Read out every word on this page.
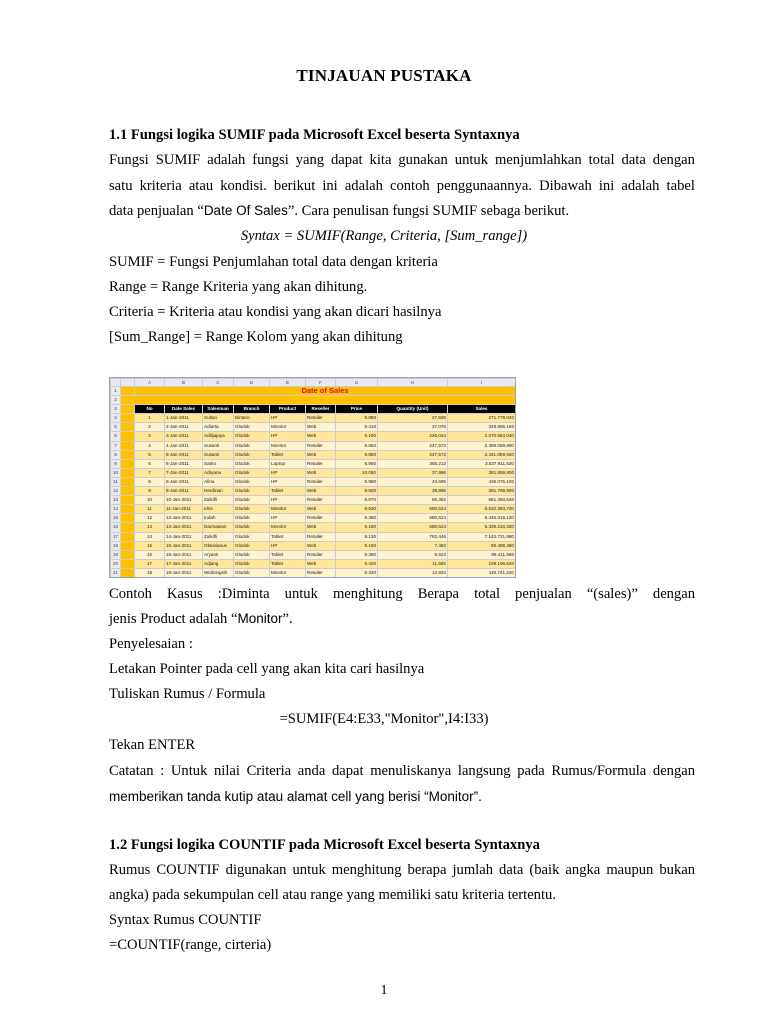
TINJAUAN PUSTAKA
1.1 Fungsi logika SUMIF pada Microsoft Excel beserta Syntaxnya
Fungsi SUMIF adalah fungsi yang dapat kita gunakan untuk menjumlahkan total data dengan
satu kriteria atau kondisi. berikut ini adalah contoh penggunaannya. Dibawah ini adalah tabel
data penjualan “Date Of Sales”. Cara penulisan fungsi SUMIF sebaga berikut.
Syntax = SUMIF(Range, Criteria, [Sum_range])
SUMIF = Fungsi Penjumlahan total data dengan kriteria
Range = Range Kriteria yang akan dihitung.
Criteria = Kriteria atau kondisi yang akan dicari hasilnya
[Sum_Range] = Range Kolom yang akan dihitung
		A	B	C	D	E	F	G	H	I
1		Date of Sales								
2										
3		No	Date Sales	Salesman	Branch	Product	Reseller	Price	Quantity (Unit)	Sales
4		1	1-Jan-2011	Sultan	Bintaro	HP	Retailer	9.880	27,508	271.779,040
5		2	2-Jan-2011	Adiarta	Glodok	Monitor	Web	9.410	37,076	348.885,160
6		3	3-Jan-2011	Adilijajaya	Glodok	HP	Web	9.190	226,044	2.070.563,040
7		4	4-Jan-2011	Susanti	Glodok	Monitor	Retailer	9.650	247,572	2.389.069,800
8		5	5-Jan-2011	Susanti	Glodok	Tablet	Web	9.860	247,572	2.441.059,920
9		6	6-Jan-2011	Satrio	Glodok	Laptop	Retailer	9.960	355,212	3.537.911,520
10		7	7-Jan-2011	Adryana	Glodok	HP	Web	10.050	37,998	381.859,800
11		8	8-Jan-2011	Afina	Glodok	HP	Retailer	9.980	43,695	436.076,100
12		9	9-Jan-2011	Herdinan	Glodok	Tablet	Web	9.820	39,895	391.768,900
13		10	10-Jan-2011	Zulkifli	Glodok	HP	Retailer	9.870	66,352	661.350,640
14		11	11-Jan-2011	Idris	Glodok	Monitor	Web	9.530	580,524	5.532.393,720
15		12	12-Jan-2011	Indah	Glodok	HP	Retailer	9.380	580,524	5.445.315,120
16		13	13-Jan-2011	Darmawan	Glodok	Monitor	Web	9.180	580,524	5.329.210,320
17		14	14-Jan-2011	Zulkifli	Glodok	Tablet	Retailer	9.130	782,446	7.143.731,980
18		15	15-Jan-2011	Oktovianus	Glodok	HP	Web	9.180	7,492	68.489,360
19		16	16-Jan-2011	Aryanti	Glodok	Tablet	Retailer	9.390	9,522	89.411,580
20		17	17-Jan-2011	Adjang	Glodok	Tablet	Web	9.420	11,592	109.196,640
21		18	18-Jan-2011	Widiningsih	Glodok	Monitor	Retailer	9.330	12,834	119.741,220
Contoh Kasus :Diminta untuk menghitung Berapa total penjualan “(sales)” dengan
jenis Product adalah “Monitor”.
Penyelesaian :
Letakan Pointer pada cell yang akan kita cari hasilnya
Tuliskan Rumus / Formula
=SUMIF(E4:E33,"Monitor",I4:I33)
Tekan ENTER
Catatan : Untuk nilai Criteria anda dapat menuliskanya langsung pada Rumus/Formula dengan
memberikan tanda kutip atau alamat cell yang berisi “Monitor”.
1.2 Fungsi logika COUNTIF pada Microsoft Excel beserta Syntaxnya
Rumus COUNTIF digunakan untuk menghitung berapa jumlah data (baik angka maupun bukan
angka) pada sekumpulan cell atau range yang memiliki satu kriteria tertentu.
Syntax Rumus COUNTIF
=COUNTIF(range, cirteria)
1
